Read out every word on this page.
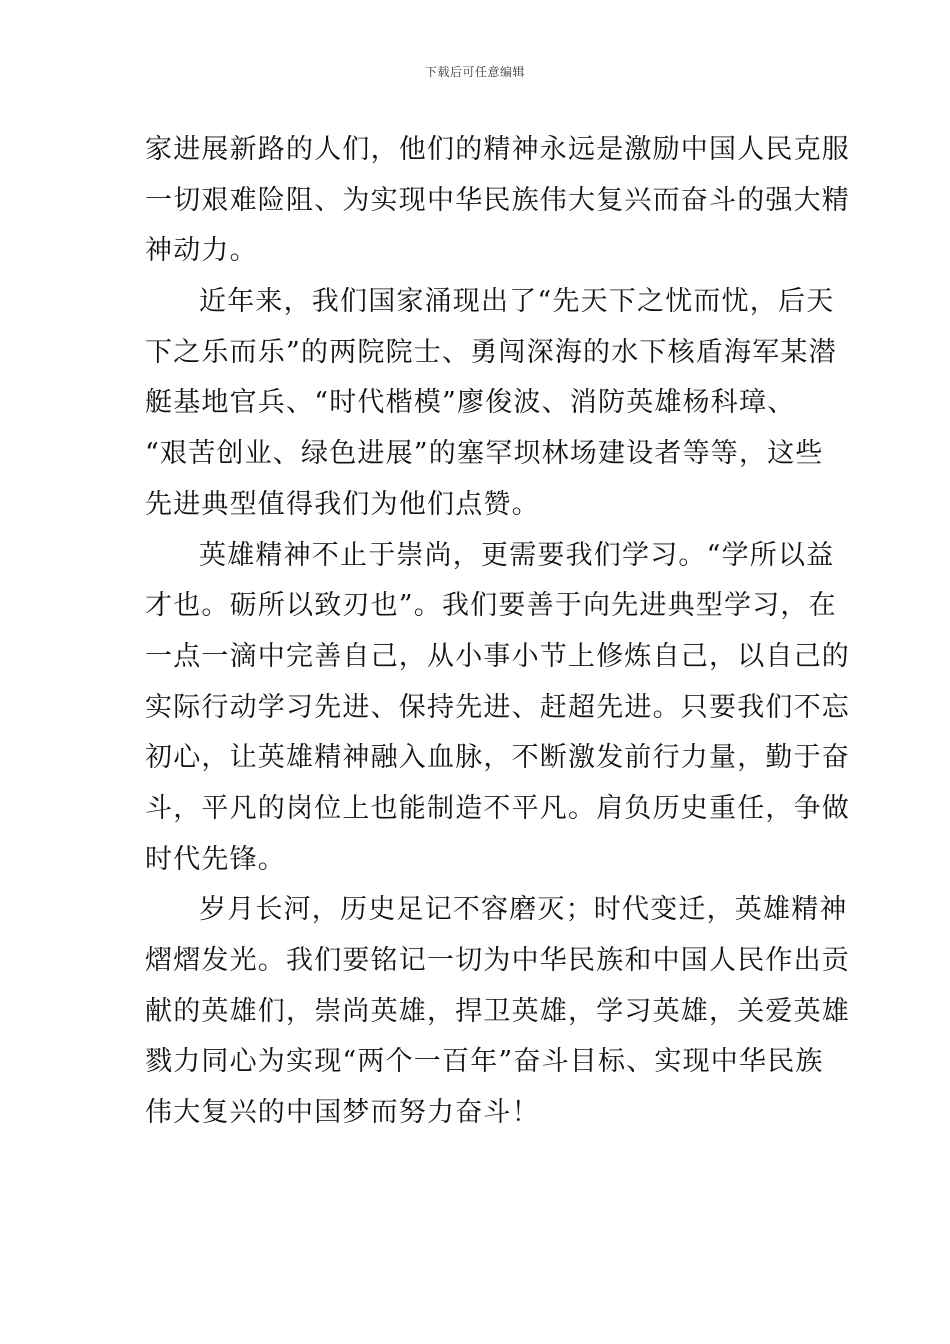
下载后可任意编辑
家进展新路的人们，他们的精神永远是激励中国人民克服
一切艰难险阻、为实现中华民族伟大复兴而奋斗的强大精
神动力。
近年来，我们国家涌现出了“先天下之忧而忧，后天
下之乐而乐”的两院院士、勇闯深海的水下核盾海军某潜
艇基地官兵、“时代楷模”廖俊波、消防英雄杨科璋、
“艰苦创业、绿色进展”的塞罕坝林场建设者等等，这些
先进典型值得我们为他们点赞。
英雄精神不止于崇尚，更需要我们学习。“学所以益
才也。砺所以致刃也”。我们要善于向先进典型学习，在
一点一滴中完善自己，从小事小节上修炼自己，以自己的
实际行动学习先进、保持先进、赶超先进。只要我们不忘
初心，让英雄精神融入血脉，不断激发前行力量，勤于奋
斗，平凡的岗位上也能制造不平凡。肩负历史重任，争做
时代先锋。
岁月长河，历史足记不容磨灭；时代变迁，英雄精神
熠熠发光。我们要铭记一切为中华民族和中国人民作出贡
献的英雄们，崇尚英雄，捍卫英雄，学习英雄，关爱英雄
戮力同心为实现“两个一百年”奋斗目标、实现中华民族
伟大复兴的中国梦而努力奋斗！
